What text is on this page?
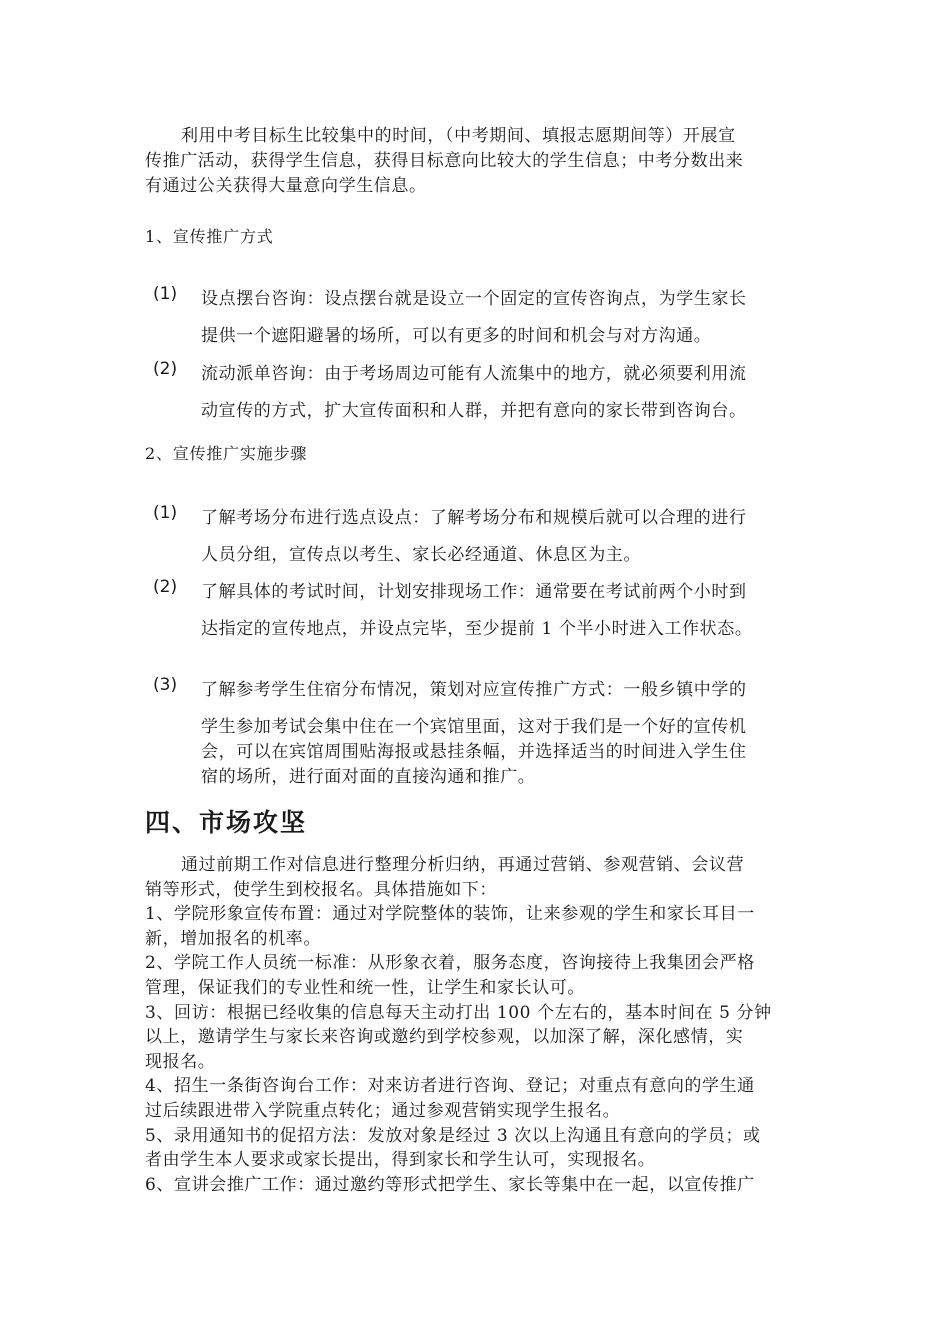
利用中考目标生比较集中的时间，（中考期间、填报志愿期间等）开展宣
传推广活动，获得学生信息，获得目标意向比较大的学生信息；中考分数出来
有通过公关获得大量意向学生信息。
1、宣传推广方式
(1)	设点摆台咨询：设点摆台就是设立一个固定的宣传咨询点，为学生家长
提供一个遮阳避暑的场所，可以有更多的时间和机会与对方沟通。
(2)	流动派单咨询：由于考场周边可能有人流集中的地方，就必须要利用流
动宣传的方式，扩大宣传面积和人群，并把有意向的家长带到咨询台。
2、宣传推广实施步骤
(1)	了解考场分布进行选点设点：了解考场分布和规模后就可以合理的进行
人员分组，宣传点以考生、家长必经通道、休息区为主。
(2)	了解具体的考试时间，计划安排现场工作：通常要在考试前两个小时到
达指定的宣传地点，并设点完毕，至少提前 1 个半小时进入工作状态。
(3)	了解参考学生住宿分布情况，策划对应宣传推广方式：一般乡镇中学的
学生参加考试会集中住在一个宾馆里面，这对于我们是一个好的宣传机
会，可以在宾馆周围贴海报或悬挂条幅，并选择适当的时间进入学生住
宿的场所，进行面对面的直接沟通和推广。
四、市场攻坚
通过前期工作对信息进行整理分析归纳，再通过营销、参观营销、会议营
销等形式，使学生到校报名。具体措施如下：
1、学院形象宣传布置：通过对学院整体的装饰，让来参观的学生和家长耳目一
新，增加报名的机率。
2、学院工作人员统一标准：从形象衣着，服务态度，咨询接待上我集团会严格
管理，保证我们的专业性和统一性，让学生和家长认可。
3、回访：根据已经收集的信息每天主动打出 100 个左右的，基本时间在 5 分钟
以上，邀请学生与家长来咨询或邀约到学校参观，以加深了解，深化感情，实
现报名。
4、招生一条街咨询台工作：对来访者进行咨询、登记；对重点有意向的学生通
过后续跟进带入学院重点转化；通过参观营销实现学生报名。
5、录用通知书的促招方法：发放对象是经过 3 次以上沟通且有意向的学员；或
者由学生本人要求或家长提出，得到家长和学生认可，实现报名。
6、宣讲会推广工作：通过邀约等形式把学生、家长等集中在一起，以宣传推广
